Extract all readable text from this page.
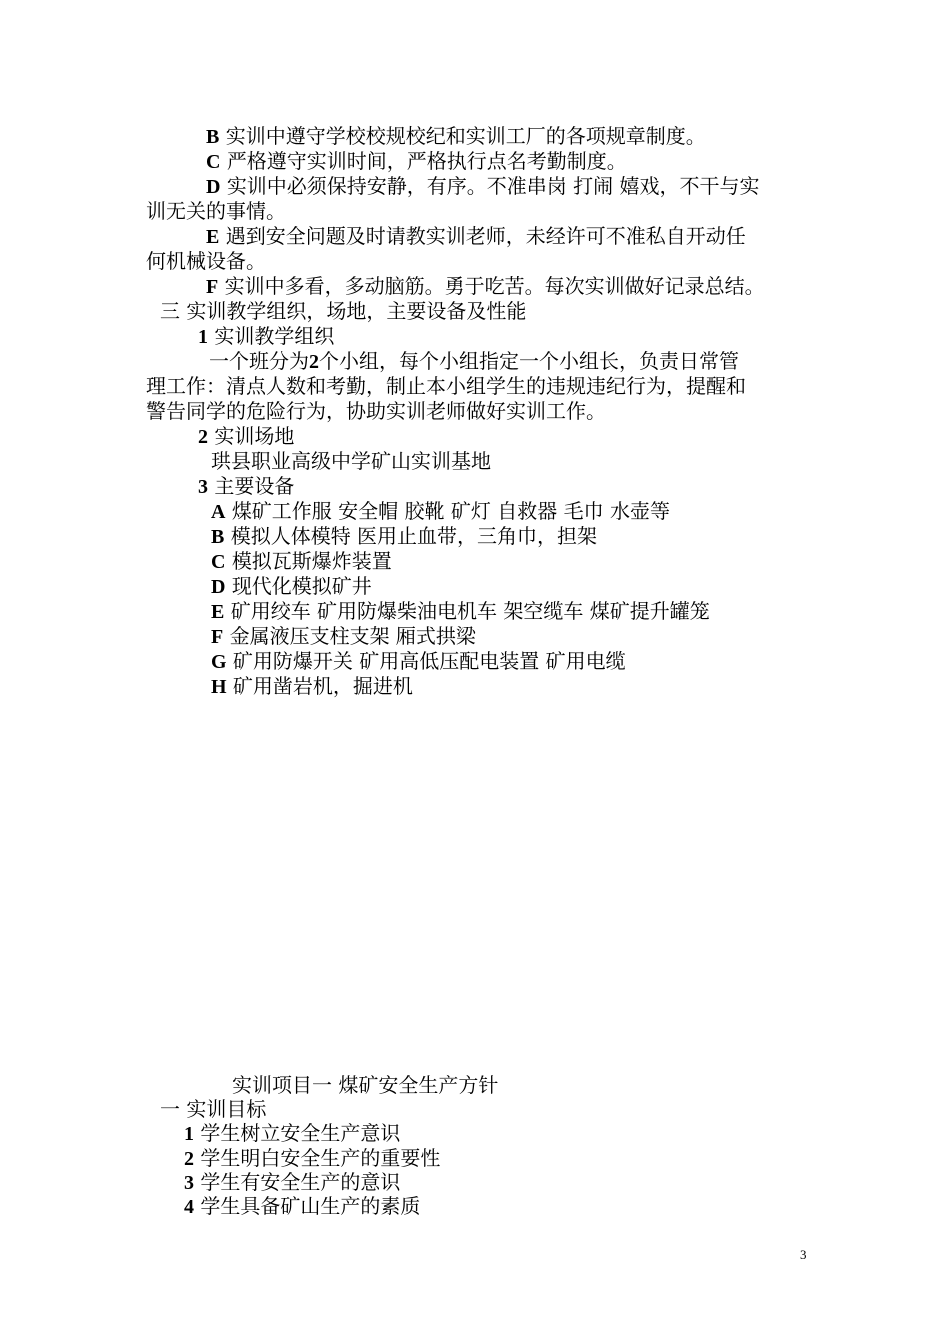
B 实训中遵守学校校规校纪和实训工厂的各项规章制度。
C 严格遵守实训时间，严格执行点名考勤制度。
D 实训中必须保持安静，有序。不准串岗 打闹 嬉戏，不干与实
训无关的事情。
E 遇到安全问题及时请教实训老师，未经许可不准私自开动任
何机械设备。
F 实训中多看，多动脑筋。勇于吃苦。每次实训做好记录总结。
三 实训教学组织，场地，主要设备及性能
1 实训教学组织
一个班分为2个小组，每个小组指定一个小组长，负责日常管
理工作：清点人数和考勤，制止本小组学生的违规违纪行为，提醒和
警告同学的危险行为，协助实训老师做好实训工作。
2 实训场地
珙县职业高级中学矿山实训基地
3 主要设备
A 煤矿工作服 安全帽 胶靴 矿灯 自救器 毛巾 水壶等
B 模拟人体模特 医用止血带，三角巾，担架
C 模拟瓦斯爆炸装置
D 现代化模拟矿井
E 矿用绞车 矿用防爆柴油电机车 架空缆车 煤矿提升罐笼
F 金属液压支柱支架 厢式拱梁
G 矿用防爆开关 矿用高低压配电装置 矿用电缆
H 矿用凿岩机，掘进机
实训项目一 煤矿安全生产方针
一 实训目标
1 学生树立安全生产意识
2 学生明白安全生产的重要性
3 学生有安全生产的意识
4 学生具备矿山生产的素质
3
